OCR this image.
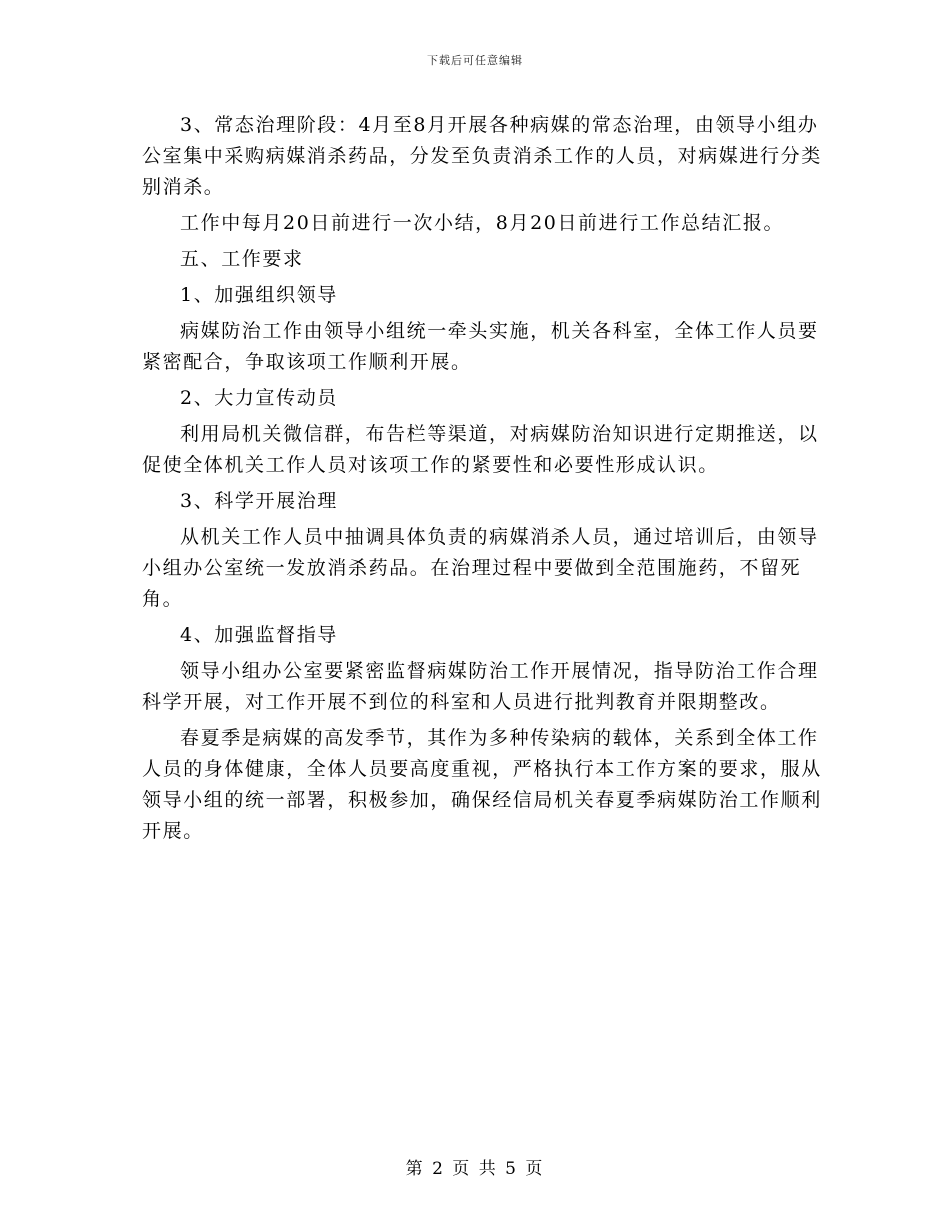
下载后可任意编辑

3、常态治理阶段：4月至8月开展各种病媒的常态治理，由领导小组办公室集中采购病媒消杀药品，分发至负责消杀工作的人员，对病媒进行分类别消杀。

工作中每月20日前进行一次小结，8月20日前进行工作总结汇报。

五、工作要求

1、加强组织领导

病媒防治工作由领导小组统一牵头实施，机关各科室，全体工作人员要紧密配合，争取该项工作顺利开展。

2、大力宣传动员

利用局机关微信群，布告栏等渠道，对病媒防治知识进行定期推送，以促使全体机关工作人员对该项工作的紧要性和必要性形成认识。

3、科学开展治理

从机关工作人员中抽调具体负责的病媒消杀人员，通过培训后，由领导小组办公室统一发放消杀药品。在治理过程中要做到全范围施药，不留死角。

4、加强监督指导

领导小组办公室要紧密监督病媒防治工作开展情况，指导防治工作合理科学开展，对工作开展不到位的科室和人员进行批判教育并限期整改。

春夏季是病媒的高发季节，其作为多种传染病的载体，关系到全体工作人员的身体健康，全体人员要高度重视，严格执行本工作方案的要求，服从领导小组的统一部署，积极参加，确保经信局机关春夏季病媒防治工作顺利开展。

第 2 页 共 5 页
